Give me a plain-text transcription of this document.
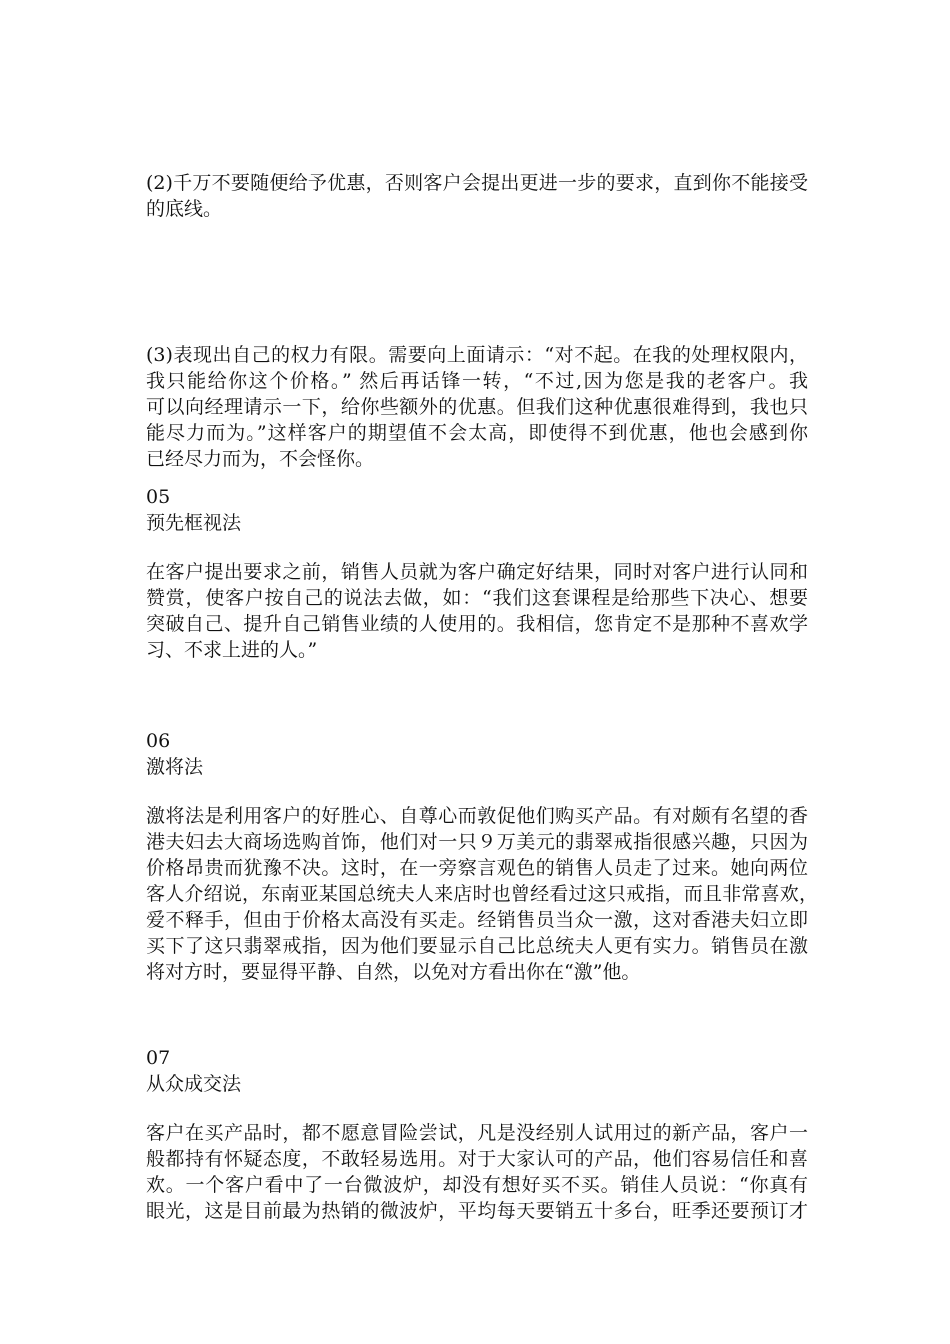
(2)千万不要随便给予优惠，否则客户会提出更进一步的要求，直到你不能接受
的底线。
(3)表现出自己的权力有限。需要向上面请示：“对不起。在我的处理权限内，
我只能给你这个价格。” 然后再话锋一转，“不过,因为您是我的老客户。我
可以向经理请示一下，给你些额外的优惠。但我们这种优惠很难得到，我也只
能尽力而为。”这样客户的期望值不会太高，即使得不到优惠，他也会感到你
已经尽力而为，不会怪你。
05
预先框视法
在客户提出要求之前，销售人员就为客户确定好结果，同时对客户进行认同和
赞赏，使客户按自己的说法去做，如：“我们这套课程是给那些下决心、想要
突破自己、提升自己销售业绩的人使用的。我相信，您肯定不是那种不喜欢学
习、不求上进的人。”
06
激将法
激将法是利用客户的好胜心、自尊心而敦促他们购买产品。有对颇有名望的香
港夫妇去大商场选购首饰，他们对一只９万美元的翡翠戒指很感兴趣，只因为
价格昂贵而犹豫不决。这时，在一旁察言观色的销售人员走了过来。她向两位
客人介绍说，东南亚某国总统夫人来店时也曾经看过这只戒指，而且非常喜欢，
爱不释手，但由于价格太高没有买走。经销售员当众一激，这对香港夫妇立即
买下了这只翡翠戒指，因为他们要显示自己比总统夫人更有实力。销售员在激
将对方时，要显得平静、自然，以免对方看出你在“激”他。
07
从众成交法
客户在买产品时，都不愿意冒险尝试，凡是没经别人试用过的新产品，客户一
般都持有怀疑态度，不敢轻易选用。对于大家认可的产品，他们容易信任和喜
欢。一个客户看中了一台微波炉，却没有想好买不买。销佳人员说：“你真有
眼光，这是目前最为热销的微波炉，平均每天要销五十多台，旺季还要预订才
